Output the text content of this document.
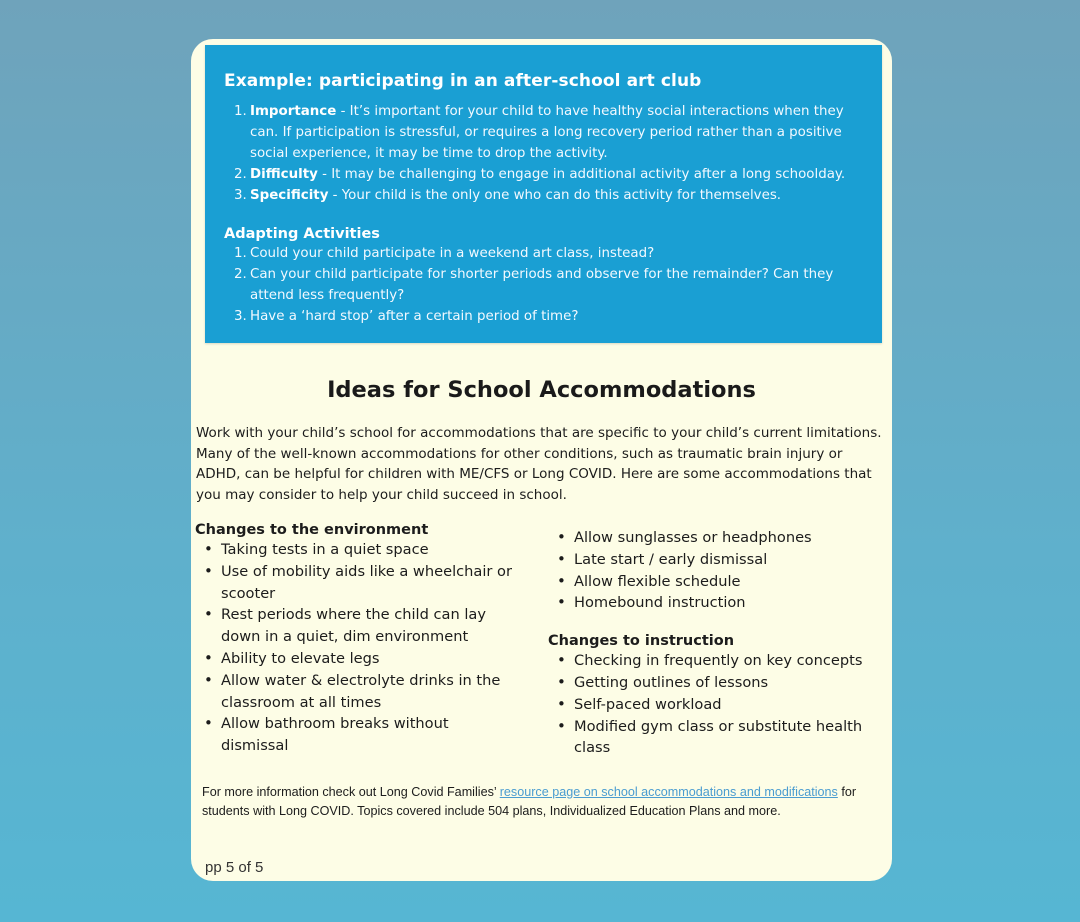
Example: participating in an after-school art club
1. Importance - It’s important for your child to have healthy social interactions when they can. If participation is stressful, or requires a long recovery period rather than a positive social experience, it may be time to drop the activity.
2. Difficulty - It may be challenging to engage in additional activity after a long schoolday.
3. Specificity - Your child is the only one who can do this activity for themselves.
Adapting Activities
1. Could your child participate in a weekend art class, instead?
2. Can your child participate for shorter periods and observe for the remainder? Can they attend less frequently?
3. Have a ‘hard stop’ after a certain period of time?
Ideas for School Accommodations

Work with your child’s school for accommodations that are specific to your child’s current limitations. Many of the well-known accommodations for other conditions, such as traumatic brain injury or ADHD, can be helpful for children with ME/CFS or Long COVID. Here are some accommodations that you may consider to help your child succeed in school.

Changes to the environment
• Taking tests in a quiet space
• Use of mobility aids like a wheelchair or scooter
• Rest periods where the child can lay down in a quiet, dim environment
• Ability to elevate legs
• Allow water & electrolyte drinks in the classroom at all times
• Allow bathroom breaks without dismissal
• Allow sunglasses or headphones
• Late start / early dismissal
• Allow flexible schedule
• Homebound instruction
Changes to instruction
• Checking in frequently on key concepts
• Getting outlines of lessons
• Self-paced workload
• Modified gym class or substitute health class

For more information check out Long Covid Families’ resource page on school accommodations and modifications for students with Long COVID. Topics covered include 504 plans, Individualized Education Plans and more.

pp 5 of 5
